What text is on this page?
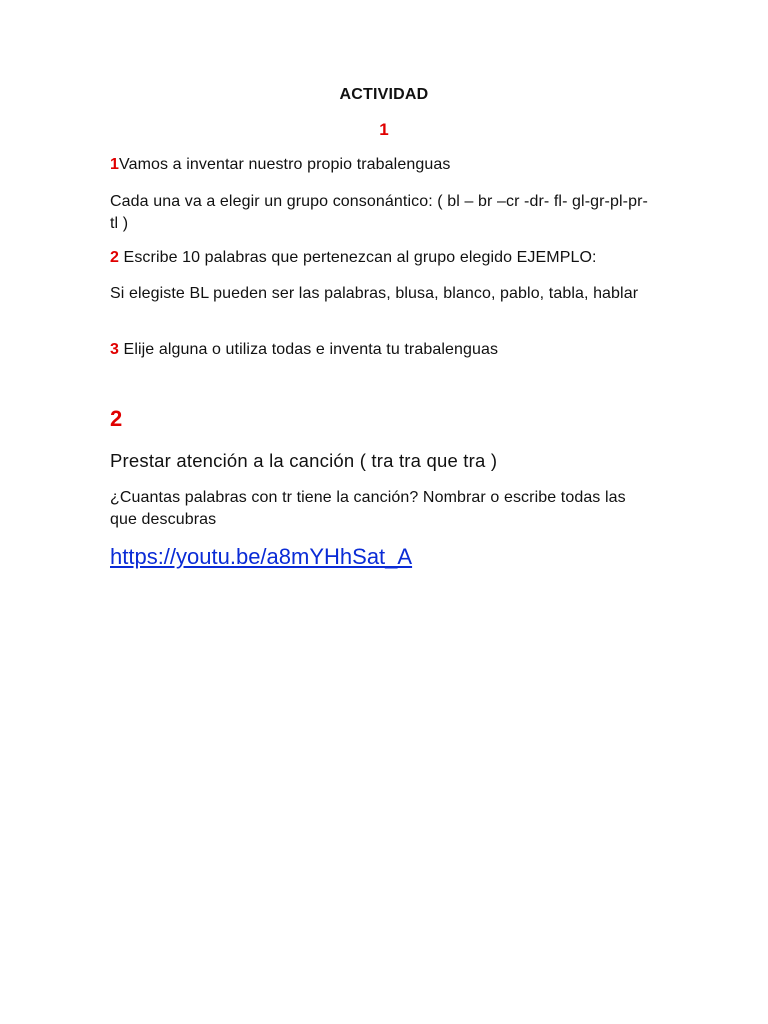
ACTIVIDAD
1
1Vamos a inventar nuestro propio trabalenguas
Cada una va a elegir un grupo consonántico: ( bl – br –cr -dr- fl- gl-gr-pl-pr-tl )
2 Escribe 10 palabras que pertenezcan al grupo elegido EJEMPLO:
Si elegiste BL pueden ser las palabras, blusa, blanco, pablo, tabla, hablar
3 Elije alguna o utiliza todas e inventa tu trabalenguas
2
Prestar atención a la canción ( tra tra que tra )
¿Cuantas palabras con tr tiene la canción? Nombrar o escribe todas las que descubras
https://youtu.be/a8mYHhSat_A
